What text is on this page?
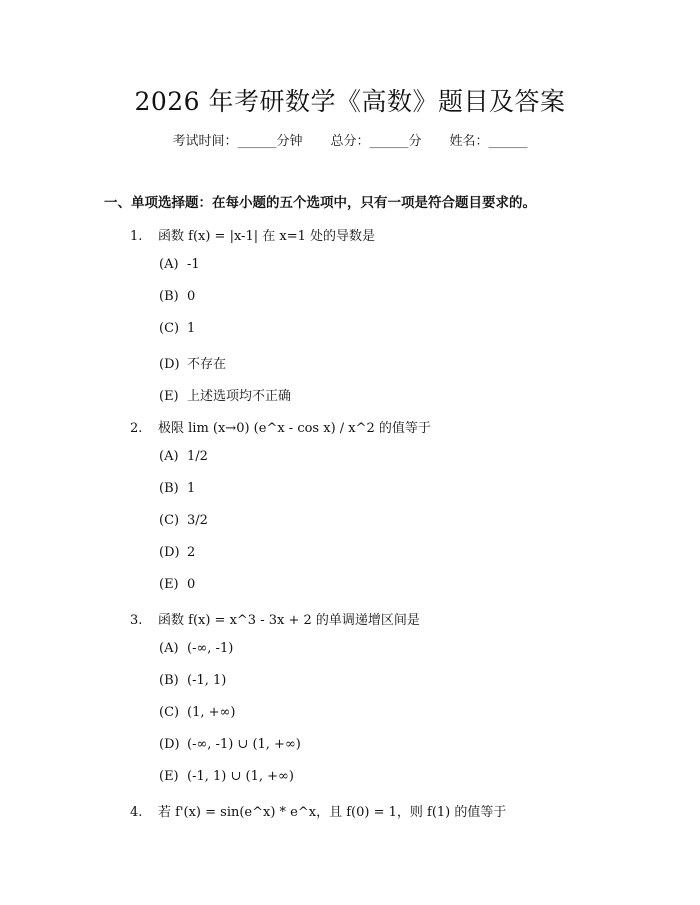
2026 年考研数学《高数》题目及答案
考试时间：______分钟 总分：______分 姓名：______
一、单项选择题：在每小题的五个选项中，只有一项是符合题目要求的。
1. 函数 f(x) = |x-1| 在 x=1 处的导数是
(A) -1
(B) 0
(C) 1
(D) 不存在
(E) 上述选项均不正确
2. 极限 lim (x→0) (e^x - cos x) / x^2 的值等于
(A) 1/2
(B) 1
(C) 3/2
(D) 2
(E) 0
3. 函数 f(x) = x^3 - 3x + 2 的单调递增区间是
(A) (-∞, -1)
(B) (-1, 1)
(C) (1, +∞)
(D) (-∞, -1) ∪ (1, +∞)
(E) (-1, 1) ∪ (1, +∞)
4. 若 f'(x) = sin(e^x) * e^x，且 f(0) = 1，则 f(1) 的值等于
